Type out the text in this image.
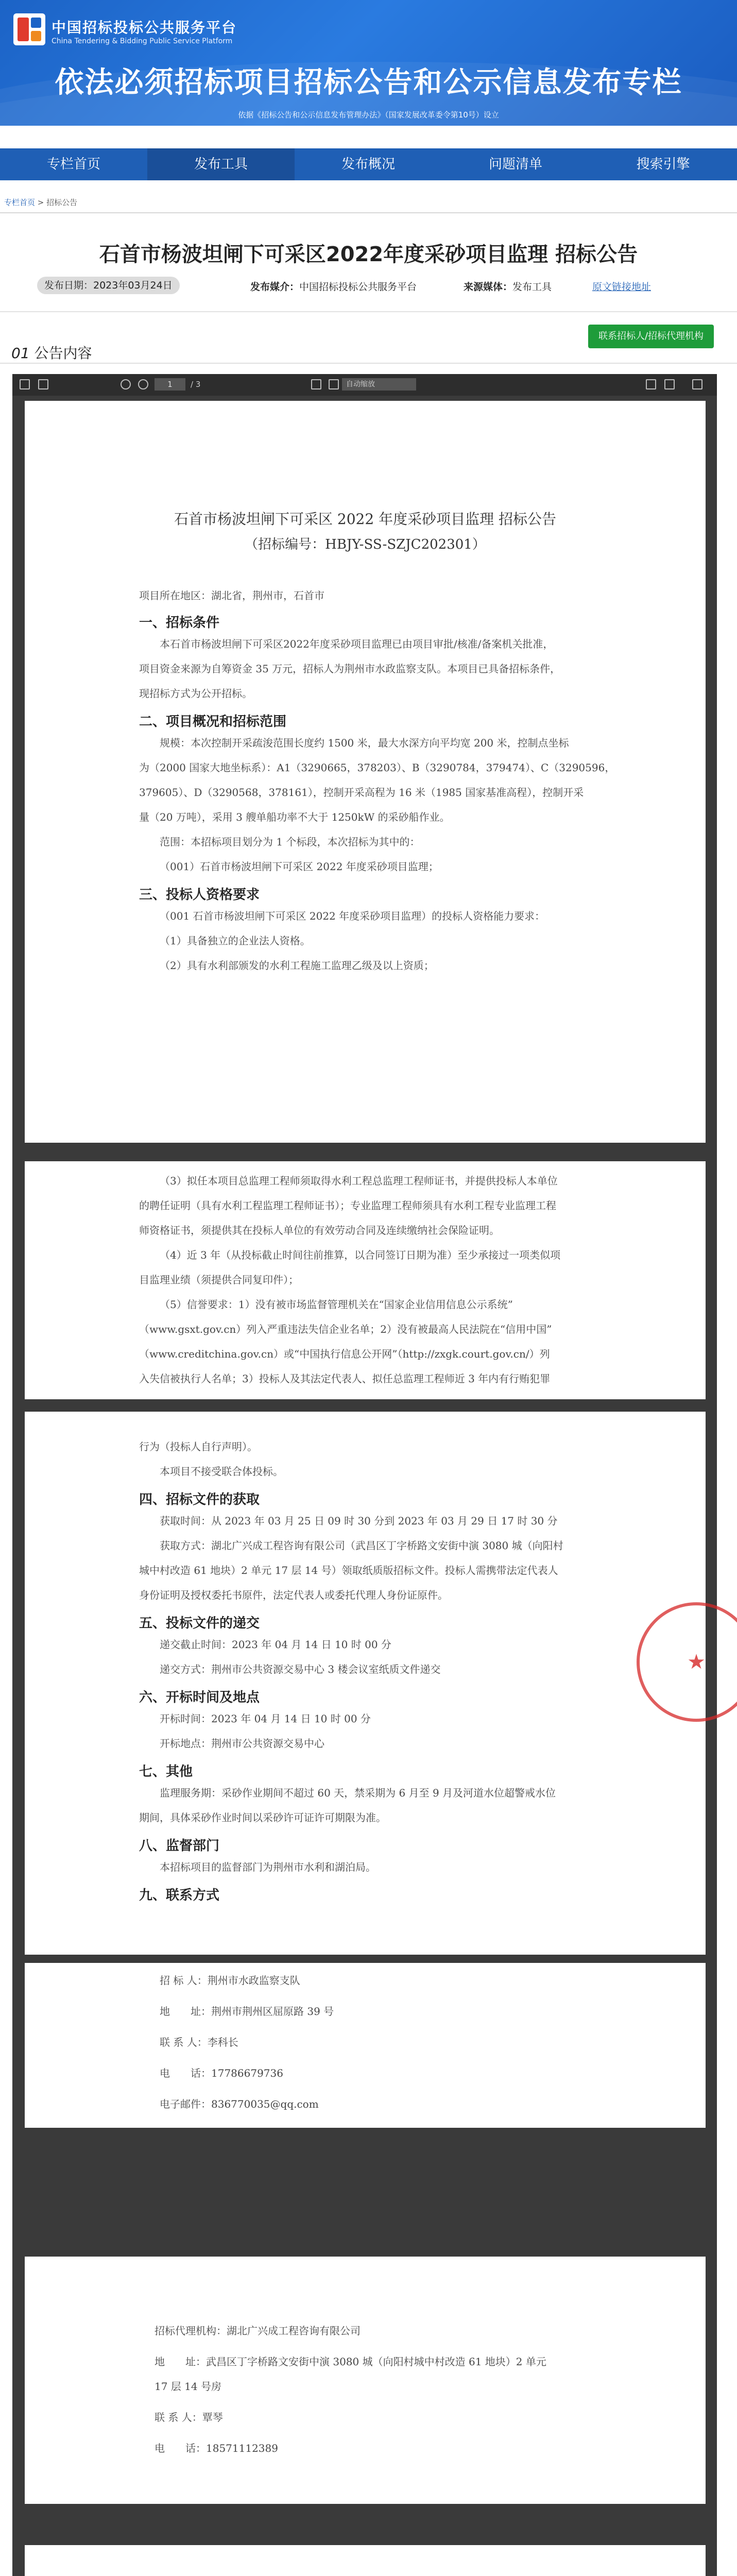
中国招标投标公共服务平台
China Tendering & Bidding Public Service Platform
依法必须招标项目招标公告和公示信息发布专栏
依据《招标公告和公示信息发布管理办法》（国家发展改革委令第10号）设立
专栏首页	发布工具	发布概况	问题清单	搜索引擎
专栏首页 > 招标公告
石首市杨波坦闸下可采区2022年度采砂项目监理 招标公告
发布日期：2023年03月24日	发布媒介：中国招标投标公共服务平台	来源媒体：发布工具	原文链接地址
01 公告内容
联系招标人/招标代理机构
1	/ 3	自动缩放
石首市杨波坦闸下可采区 2022 年度采砂项目监理 招标公告
（招标编号：HBJY-SS-SZJC202301）
项目所在地区：湖北省，荆州市，石首市
一、招标条件
本石首市杨波坦闸下可采区2022年度采砂项目监理已由项目审批/核准/备案机关批准，
项目资金来源为自筹资金 35 万元，招标人为荆州市水政监察支队。本项目已具备招标条件，
现招标方式为公开招标。
二、项目概况和招标范围
规模：本次控制开采疏浚范围长度约 1500 米，最大水深方向平均宽 200 米，控制点坐标
为（2000 国家大地坐标系）：A1（3290665，378203）、B（3290784，379474）、C（3290596，
379605）、D（3290568，378161），控制开采高程为 16 米（1985 国家基准高程），控制开采
量（20 万吨），采用 3 艘单船功率不大于 1250kW 的采砂船作业。
范围：本招标项目划分为 1 个标段，本次招标为其中的：
（001）石首市杨波坦闸下可采区 2022 年度采砂项目监理；
三、投标人资格要求
（001 石首市杨波坦闸下可采区 2022 年度采砂项目监理）的投标人资格能力要求：
（1）具备独立的企业法人资格。
（2）具有水利部颁发的水利工程施工监理乙级及以上资质；
（3）拟任本项目总监理工程师须取得水利工程总监理工程师证书，并提供投标人本单位
的聘任证明（具有水利工程监理工程师证书）；专业监理工程师须具有水利工程专业监理工程
师资格证书，须提供其在投标人单位的有效劳动合同及连续缴纳社会保险证明。
（4）近 3 年（从投标截止时间往前推算，以合同签订日期为准）至少承接过一项类似项
目监理业绩（须提供合同复印件）；
（5）信誉要求：1）没有被市场监督管理机关在“国家企业信用信息公示系统”
（www.gsxt.gov.cn）列入严重违法失信企业名单；2）没有被最高人民法院在“信用中国”
（www.creditchina.gov.cn）或“中国执行信息公开网”（http://zxgk.court.gov.cn/）列
入失信被执行人名单；3）投标人及其法定代表人、拟任总监理工程师近 3 年内有行贿犯罪
行为（投标人自行声明）。
本项目不接受联合体投标。
四、招标文件的获取
获取时间：从 2023 年 03 月 25 日 09 时 30 分到 2023 年 03 月 29 日 17 时 30 分
获取方式：湖北广兴成工程咨询有限公司（武昌区丁字桥路文安街中演 3080 城（向阳村
城中村改造 61 地块）2 单元 17 层 14 号）领取纸质版招标文件。投标人需携带法定代表人
身份证明及授权委托书原件，法定代表人或委托代理人身份证原件。
五、投标文件的递交
递交截止时间：2023 年 04 月 14 日 10 时 00 分
递交方式：荆州市公共资源交易中心 3 楼会议室纸质文件递交
六、开标时间及地点
开标时间：2023 年 04 月 14 日 10 时 00 分
开标地点：荆州市公共资源交易中心
七、其他
监理服务期：采砂作业期间不超过 60 天，禁采期为 6 月至 9 月及河道水位超警戒水位
期间，具体采砂作业时间以采砂许可证许可期限为准。
八、监督部门
本招标项目的监督部门为荆州市水利和湖泊局。
九、联系方式
★
招 标 人：荆州市水政监察支队
地　　址：荆州市荆州区屈原路 39 号
联 系 人：李科长
电　　话：17786679736
电子邮件：836770035@qq.com
招标代理机构：湖北广兴成工程咨询有限公司
地　　址：武昌区丁字桥路文安街中演 3080 城（向阳村城中村改造 61 地块）2 单元
17 层 14 号房
联 系 人：覃琴
电　　话：18571112389
